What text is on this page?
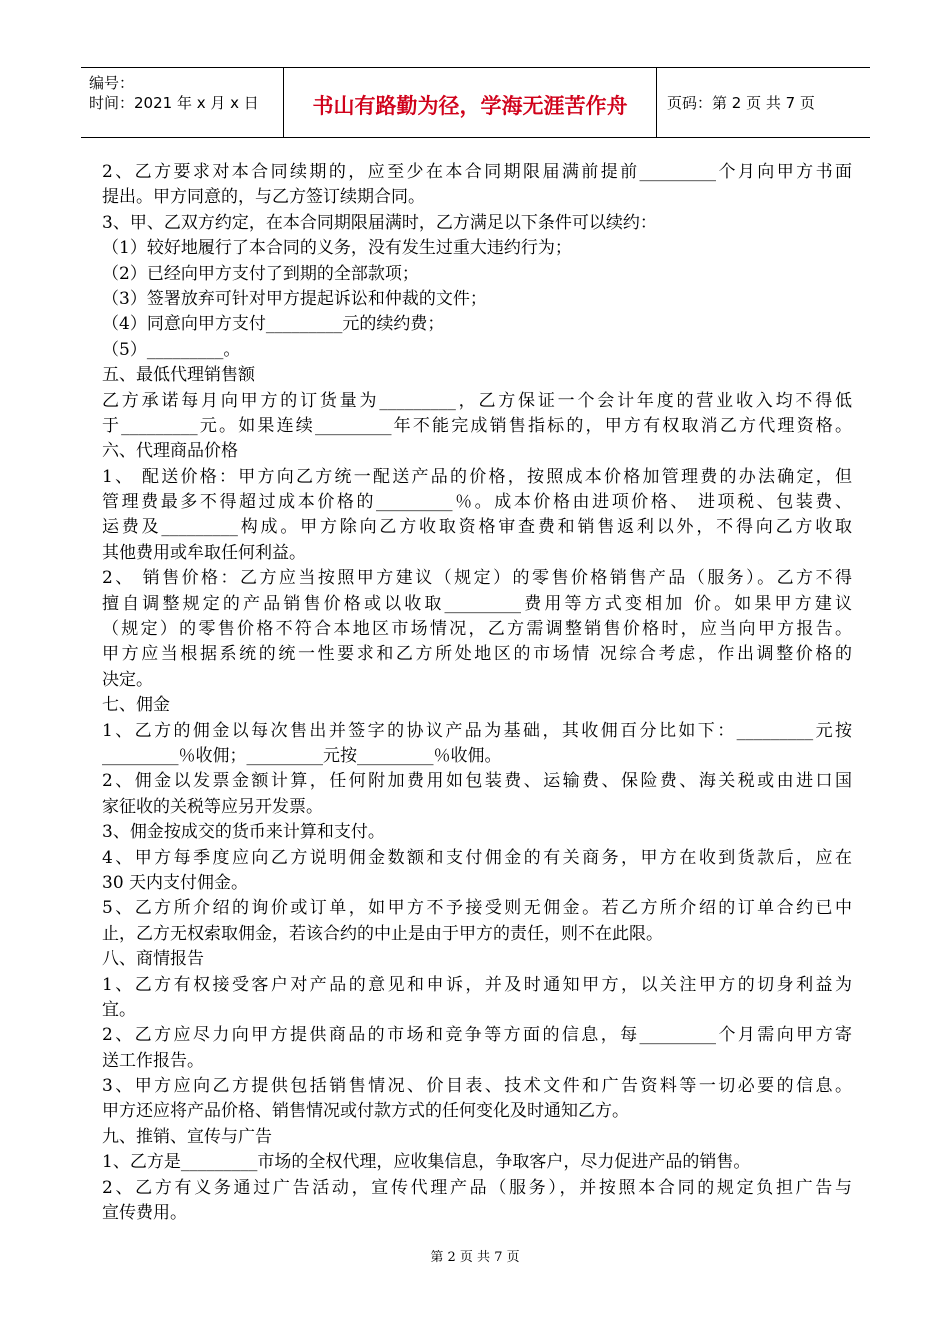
编号：
时间：2021 年 x 月 x 日	书山有路勤为径，学海无涯苦作舟	页码：第 2 页 共 7 页
2、乙方要求对本合同续期的，应至少在本合同期限届满前提前_________个月向甲方书面
提出。甲方同意的，与乙方签订续期合同。
3、甲、乙双方约定，在本合同期限届满时，乙方满足以下条件可以续约：
（1）较好地履行了本合同的义务，没有发生过重大违约行为；
（2）已经向甲方支付了到期的全部款项；
（3）签署放弃可针对甲方提起诉讼和仲裁的文件；
（4）同意向甲方支付_________元的续约费；
（5）_________。
五、最低代理销售额
乙方承诺每月向甲方的订货量为_________，乙方保证一个会计年度的营业收入均不得低
于_________元。如果连续_________年不能完成销售指标的，甲方有权取消乙方代理资格。
六、代理商品价格
1、 配送价格：甲方向乙方统一配送产品的价格，按照成本价格加管理费的办法确定，但
管理费最多不得超过成本价格的_________％。成本价格由进项价格、 进项税、包装费、
运费及_________构成。甲方除向乙方收取资格审查费和销售返利以外，不得向乙方收取
其他费用或牟取任何利益。
2、 销售价格：乙方应当按照甲方建议（规定）的零售价格销售产品（服务）。乙方不得
擅自调整规定的产品销售价格或以收取_________费用等方式变相加 价。如果甲方建议
（规定）的零售价格不符合本地区市场情况，乙方需调整销售价格时，应当向甲方报告。
甲方应当根据系统的统一性要求和乙方所处地区的市场情 况综合考虑，作出调整价格的
决定。
七、佣金
1、乙方的佣金以每次售出并签字的协议产品为基础，其收佣百分比如下：_________元按
_________％收佣；_________元按_________％收佣。
2、佣金以发票金额计算，任何附加费用如包装费、运输费、保险费、海关税或由进口国
家征收的关税等应另开发票。
3、佣金按成交的货币来计算和支付。
4、甲方每季度应向乙方说明佣金数额和支付佣金的有关商务，甲方在收到货款后，应在
30 天内支付佣金。
5、乙方所介绍的询价或订单，如甲方不予接受则无佣金。若乙方所介绍的订单合约已中
止，乙方无权索取佣金，若该合约的中止是由于甲方的责任，则不在此限。
八、商情报告
1、乙方有权接受客户对产品的意见和申诉，并及时通知甲方，以关注甲方的切身利益为
宜。
2、乙方应尽力向甲方提供商品的市场和竞争等方面的信息，每_________个月需向甲方寄
送工作报告。
3、甲方应向乙方提供包括销售情况、价目表、技术文件和广告资料等一切必要的信息。
甲方还应将产品价格、销售情况或付款方式的任何变化及时通知乙方。
九、推销、宣传与广告
1、乙方是_________市场的全权代理，应收集信息，争取客户，尽力促进产品的销售。
2、乙方有义务通过广告活动，宣传代理产品（服务），并按照本合同的规定负担广告与
宣传费用。
第 2 页 共 7 页
